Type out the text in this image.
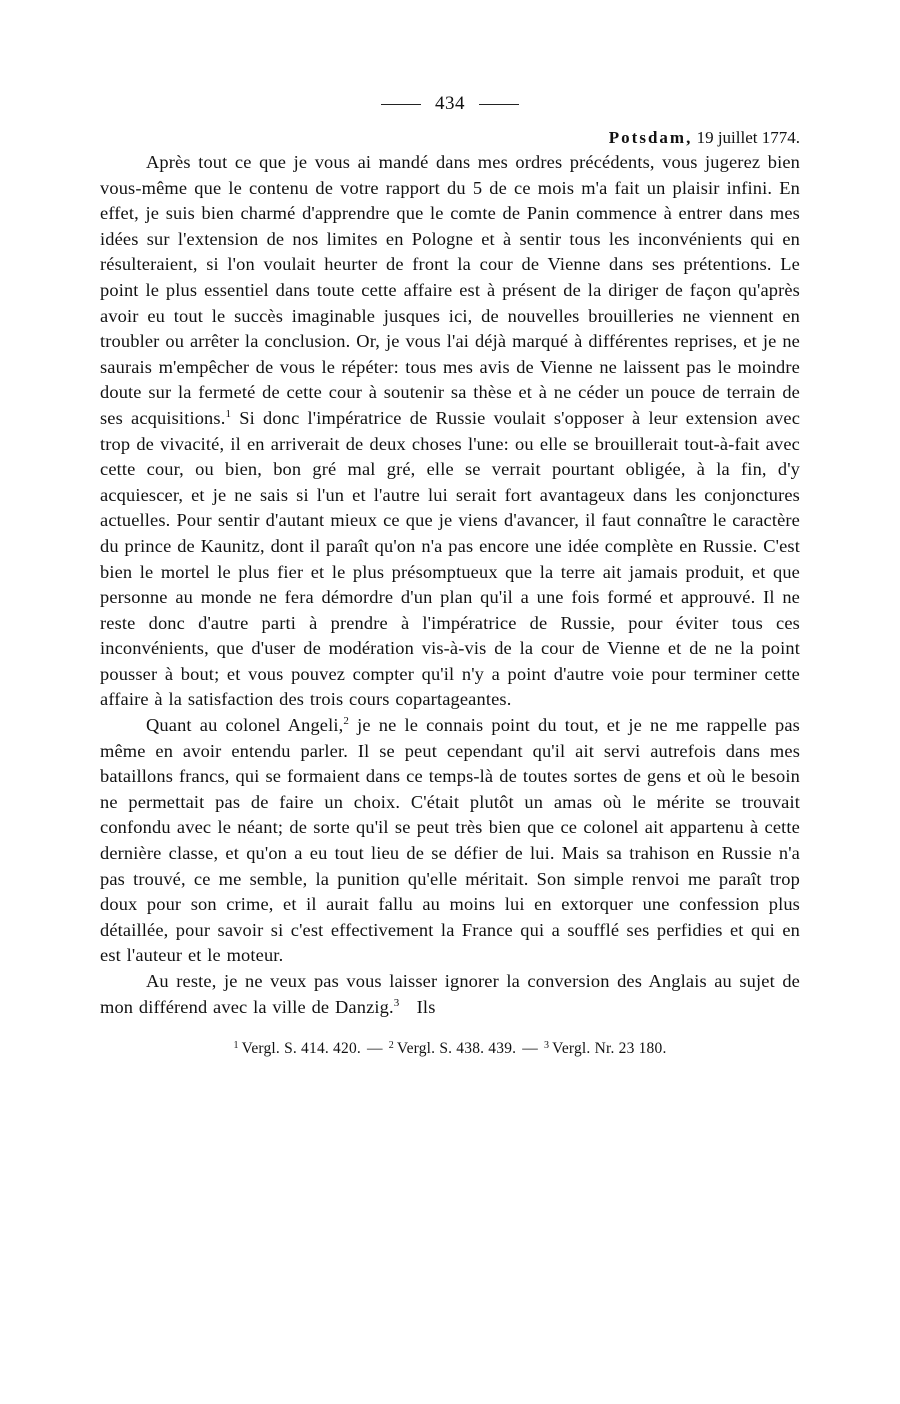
434
Potsdam, 19 juillet 1774.

Après tout ce que je vous ai mandé dans mes ordres précédents, vous jugerez bien vous-même que le contenu de votre rapport du 5 de ce mois m'a fait un plaisir infini. En effet, je suis bien charmé d'apprendre que le comte de Panin commence à entrer dans mes idées sur l'extension de nos limites en Pologne et à sentir tous les inconvénients qui en résulteraient, si l'on voulait heurter de front la cour de Vienne dans ses prétentions. Le point le plus essentiel dans toute cette affaire est à présent de la diriger de façon qu'après avoir eu tout le succès imaginable jusques ici, de nouvelles brouilleries ne viennent en troubler ou arrêter la conclusion. Or, je vous l'ai déjà marqué à différentes reprises, et je ne saurais m'empêcher de vous le répéter: tous mes avis de Vienne ne laissent pas le moindre doute sur la fermeté de cette cour à soutenir sa thèse et à ne céder un pouce de terrain de ses acquisitions.$^1$ Si donc l'impératrice de Russie voulait s'opposer à leur extension avec trop de vivacité, il en arriverait de deux choses l'une: ou elle se brouillerait tout-à-fait avec cette cour, ou bien, bon gré mal gré, elle se verrait pourtant obligée, à la fin, d'y acquiescer, et je ne sais si l'un et l'autre lui serait fort avantageux dans les conjonctures actuelles. Pour sentir d'autant mieux ce que je viens d'avancer, il faut connaître le caractère du prince de Kaunitz, dont il paraît qu'on n'a pas encore une idée complète en Russie. C'est bien le mortel le plus fier et le plus présomptueux que la terre ait jamais produit, et que personne au monde ne fera démordre d'un plan qu'il a une fois formé et approuvé. Il ne reste donc d'autre parti à prendre à l'impératrice de Russie, pour éviter tous ces inconvénients, que d'user de modération vis-à-vis de la cour de Vienne et de ne la point pousser à bout; et vous pouvez compter qu'il n'y a point d'autre voie pour terminer cette affaire à la satisfaction des trois cours copartageantes.

Quant au colonel Angeli,$^2$ je ne le connais point du tout, et je ne me rappelle pas même en avoir entendu parler. Il se peut cependant qu'il ait servi autrefois dans mes bataillons francs, qui se formaient dans ce temps-là de toutes sortes de gens et où le besoin ne permettait pas de faire un choix. C'était plutôt un amas où le mérite se trouvait confondu avec le néant; de sorte qu'il se peut très bien que ce colonel ait appartenu à cette dernière classe, et qu'on a eu tout lieu de se défier de lui. Mais sa trahison en Russie n'a pas trouvé, ce me semble, la punition qu'elle méritait. Son simple renvoi me paraît trop doux pour son crime, et il aurait fallu au moins lui en extorquer une confession plus détaillée, pour savoir si c'est effectivement la France qui a soufflé ses perfidies et qui en est l'auteur et le moteur.

Au reste, je ne veux pas vous laisser ignorer la conversion des Anglais au sujet de mon différend avec la ville de Danzig.$^3$ Ils

$^1$ Vergl. S. 414. 420. — $^2$ Vergl. S. 438. 439. — $^3$ Vergl. Nr. 23 180.
